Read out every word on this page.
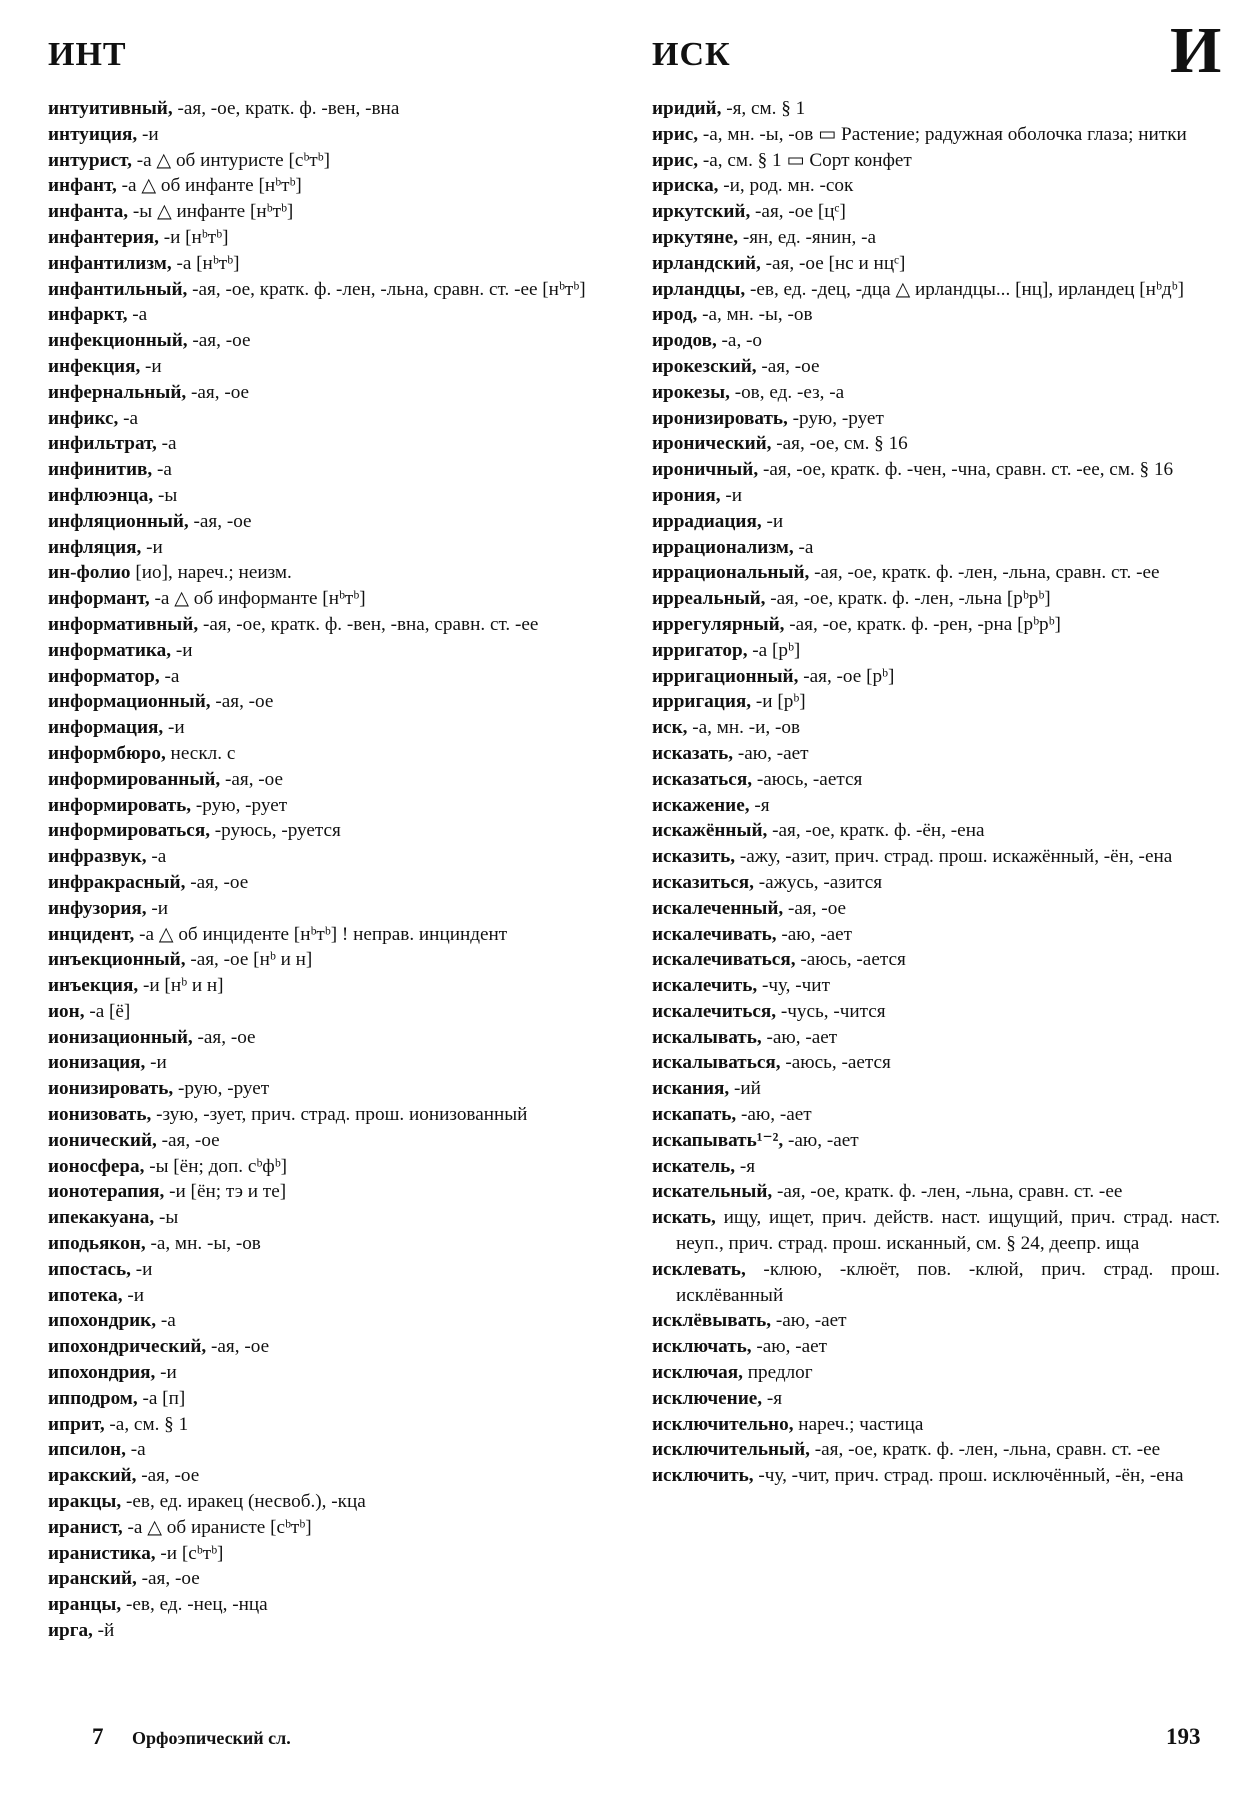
ИНТ	ИСК	И

интуитивный, -ая, -ое, кратк. ф. -вен, -вна

интуиция, -и

интурист, -а △ об интуристе [сᵇтᵇ]

инфант, -а △ об инфанте [нᵇтᵇ]

инфанта, -ы △ инфанте [нᵇтᵇ]

инфантерия, -и [нᵇтᵇ]

инфантилизм, -а [нᵇтᵇ]

инфантильный, -ая, -ое, кратк. ф. -лен, -льна, сравн. ст. -ее [нᵇтᵇ]

инфаркт, -а

инфекционный, -ая, -ое

инфекция, -и

инфернальный, -ая, -ое

инфикс, -а

инфильтрат, -а

инфинитив, -а

инфлюэнца, -ы

инфляционный, -ая, -ое

инфляция, -и

ин-фолио [ио], нареч.; неизм.

информант, -а △ об информанте [нᵇтᵇ]

информативный, -ая, -ое, кратк. ф. -вен, -вна, сравн. ст. -ее

информатика, -и

информатор, -а

информационный, -ая, -ое

информация, -и

информбюро, нескл. с

информированный, -ая, -ое

информировать, -рую, -рует

информироваться, -руюсь, -руется

инфразвук, -а

инфракрасный, -ая, -ое

инфузория, -и

инцидент, -а △ об инциденте [нᵇтᵇ] ! неправ. инциндент

инъекционный, -ая, -ое [нᵇ и н]

инъекция, -и [нᵇ и н]

ион, -а [ё]

ионизационный, -ая, -ое

ионизация, -и

ионизировать, -рую, -рует

ионизовать, -зую, -зует, прич. страд. прош. ионизованный

ионический, -ая, -ое

ионосфера, -ы [ён; доп. сᵇфᵇ]

ионотерапия, -и [ён; тэ и те]

ипекакуана, -ы

иподьякон, -а, мн. -ы, -ов

ипостась, -и

ипотека, -и

ипохондрик, -а

ипохондрический, -ая, -ое

ипохондрия, -и

ипподром, -а [п]

иприт, -а, см. § 1

ипсилон, -а

иракский, -ая, -ое

иракцы, -ев, ед. иракец (несвоб.), -кца

иранист, -а △ об иранисте [сᵇтᵇ]

иранистика, -и [сᵇтᵇ]

иранский, -ая, -ое

иранцы, -ев, ед. -нец, -нца

ирга, -й

иридий, -я, см. § 1

ирис, -а, мн. -ы, -ов ▭ Растение; радужная оболочка глаза; нитки

ирис, -а, см. § 1 ▭ Сорт конфет

ириска, -и, род. мн. -сок

иркутский, -ая, -ое [цᶜ]

иркутяне, -ян, ед. -янин, -а

ирландский, -ая, -ое [нс и нцᶜ]

ирландцы, -ев, ед. -дец, -дца △ ирландцы... [нц], ирландец [нᵇдᵇ]

ирод, -а, мн. -ы, -ов

иродов, -а, -о

ирокезский, -ая, -ое

ирокезы, -ов, ед. -ез, -а

иронизировать, -рую, -рует

иронический, -ая, -ое, см. § 16

ироничный, -ая, -ое, кратк. ф. -чен, -чна, сравн. ст. -ее, см. § 16

ирония, -и

иррадиация, -и

иррационализм, -а

иррациональный, -ая, -ое, кратк. ф. -лен, -льна, сравн. ст. -ее

ирреальный, -ая, -ое, кратк. ф. -лен, -льна [рᵇрᵇ]

иррегулярный, -ая, -ое, кратк. ф. -рен, -рна [рᵇрᵇ]

ирригатор, -а [рᵇ]

ирригационный, -ая, -ое [рᵇ]

ирригация, -и [рᵇ]

иск, -а, мн. -и, -ов

исказать, -аю, -ает

исказаться, -аюсь, -ается

искажение, -я

искажённый, -ая, -ое, кратк. ф. -ён, -ена

исказить, -ажу, -азит, прич. страд. прош. искажённый, -ён, -ена

исказиться, -ажусь, -азится

искалеченный, -ая, -ое

искалечивать, -аю, -ает

искалечиваться, -аюсь, -ается

искалечить, -чу, -чит

искалечиться, -чусь, -чится

искалывать, -аю, -ает

искалываться, -аюсь, -ается

искания, -ий

искапать, -аю, -ает

искапывать¹⁻², -аю, -ает

искатель, -я

искательный, -ая, -ое, кратк. ф. -лен, -льна, сравн. ст. -ее

искать, ищу, ищет, прич. действ. наст. ищущий, прич. страд. наст. неуп., прич. страд. прош. исканный, см. § 24, деепр. ища

исклевать, -клюю, -клюёт, пов. -клюй, прич. страд. прош. исклёванный

исклёвывать, -аю, -ает

исключать, -аю, -ает

исключая, предлог

исключение, -я

исключительно, нареч.; частица

исключительный, -ая, -ое, кратк. ф. -лен, -льна, сравн. ст. -ее

исключить, -чу, -чит, прич. страд. прош. исключённый, -ён, -ена

7 Орфоэпический сл.	193
